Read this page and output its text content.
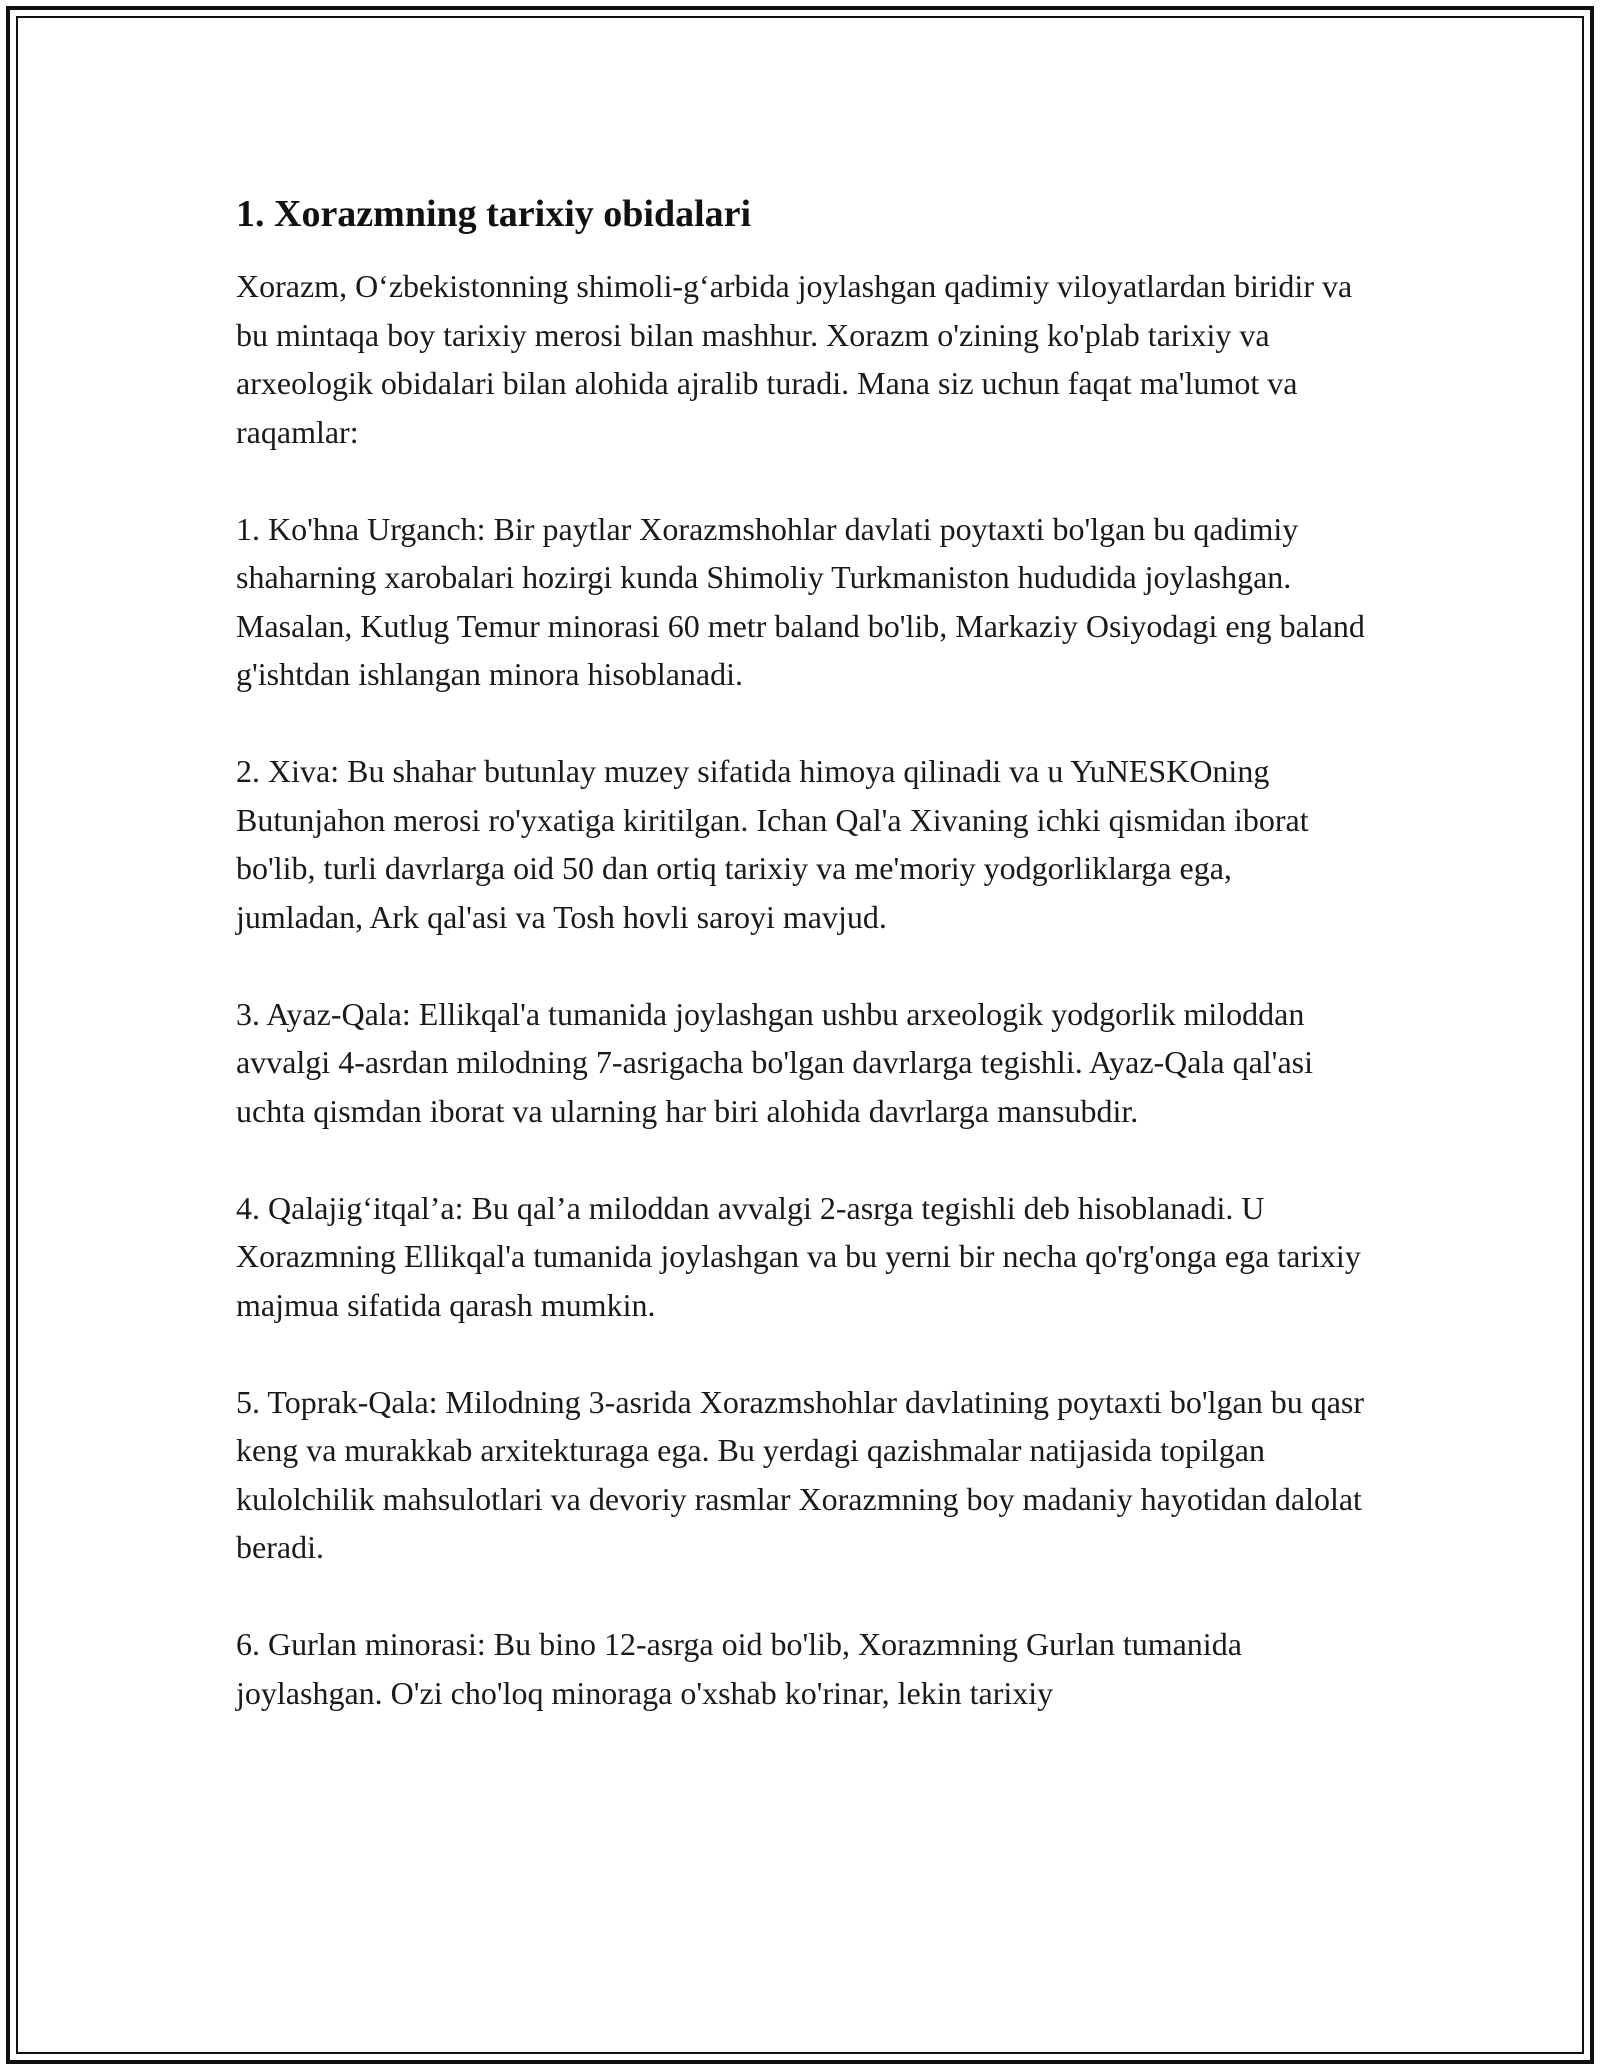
1. Xorazmning tarixiy obidalari

Xorazm, O‘zbekistonning shimoli-g‘arbida joylashgan qadimiy viloyatlardan biridir va bu mintaqa boy tarixiy merosi bilan mashhur. Xorazm o'zining ko'plab tarixiy va arxeologik obidalari bilan alohida ajralib turadi. Mana siz uchun faqat ma'lumot va raqamlar:

1. Ko'hna Urganch: Bir paytlar Xorazmshohlar davlati poytaxti bo'lgan bu qadimiy shaharning xarobalari hozirgi kunda Shimoliy Turkmaniston hududida joylashgan. Masalan, Kutlug Temur minorasi 60 metr baland bo'lib, Markaziy Osiyodagi eng baland g'ishtdan ishlangan minora hisoblanadi.

2. Xiva: Bu shahar butunlay muzey sifatida himoya qilinadi va u YuNESKOning Butunjahon merosi ro'yxatiga kiritilgan. Ichan Qal'a Xivaning ichki qismidan iborat bo'lib, turli davrlarga oid 50 dan ortiq tarixiy va me'moriy yodgorliklarga ega, jumladan, Ark qal'asi va Tosh hovli saroyi mavjud.

3. Ayaz-Qala: Ellikqal'a tumanida joylashgan ushbu arxeologik yodgorlik miloddan avvalgi 4-asrdan milodning 7-asrigacha bo'lgan davrlarga tegishli. Ayaz-Qala qal'asi uchta qismdan iborat va ularning har biri alohida davrlarga mansubdir.

4. Qalajig‘itqal’a: Bu qal’a miloddan avvalgi 2-asrga tegishli deb hisoblanadi. U Xorazmning Ellikqal'a tumanida joylashgan va bu yerni bir necha qo'rg'onga ega tarixiy majmua sifatida qarash mumkin.

5. Toprak-Qala: Milodning 3-asrida Xorazmshohlar davlatining poytaxti bo'lgan bu qasr keng va murakkab arxitekturaga ega. Bu yerdagi qazishmalar natijasida topilgan kulolchilik mahsulotlari va devoriy rasmlar Xorazmning boy madaniy hayotidan dalolat beradi.

6. Gurlan minorasi: Bu bino 12-asrga oid bo'lib, Xorazmning Gurlan tumanida joylashgan. O'zi cho'loq minoraga o'xshab ko'rinar, lekin tarixiy
